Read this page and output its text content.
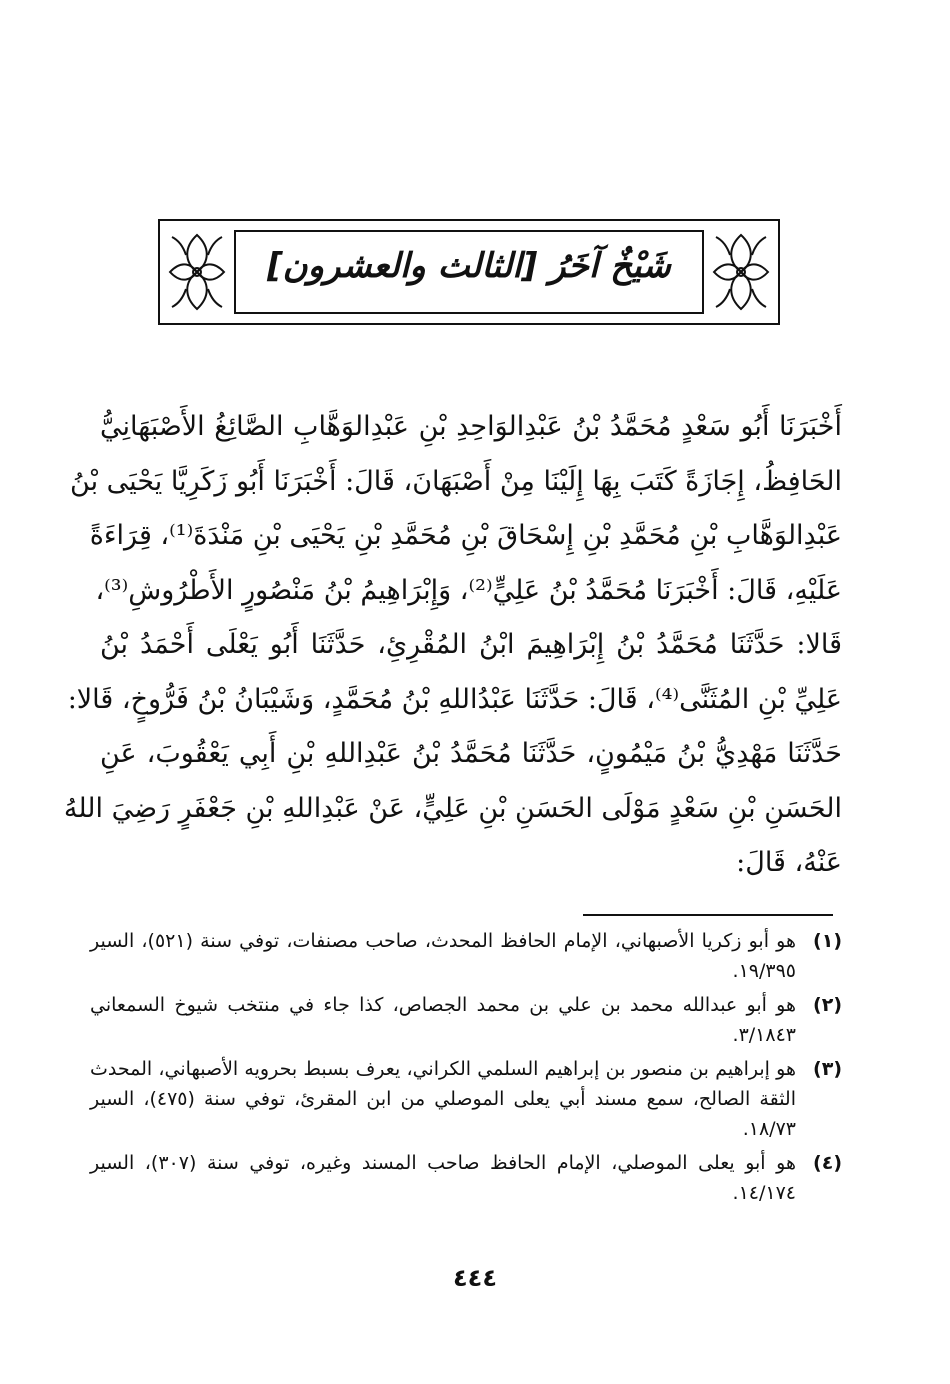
شَيْخٌ آخَرُ [الثالث والعشرون]
أَخْبَرَنَا أَبُو سَعْدٍ مُحَمَّدُ بْنُ عَبْدِالوَاحِدِ بْنِ عَبْدِالوَهَّابِ الصَّائِغُ الأَصْبَهَانِيُّ
الحَافِظُ، إِجَازَةً كَتَبَ بِهَا إِلَيْنَا مِنْ أَصْبَهَانَ، قَالَ: أَخْبَرَنَا أَبُو زَكَرِيَّا يَحْيَى بْنُ
عَبْدِالوَهَّابِ بْنِ مُحَمَّدِ بْنِ إِسْحَاقَ بْنِ مُحَمَّدِ بْنِ يَحْيَى بْنِ مَنْدَةَ⁽¹⁾، قِرَاءَةً
عَلَيْهِ، قَالَ: أَخْبَرَنَا مُحَمَّدُ بْنُ عَلِيٍّ⁽²⁾، وَإِبْرَاهِيمُ بْنُ مَنْصُورٍ الأَطْرُوشِ⁽³⁾،
قَالا: حَدَّثَنَا مُحَمَّدُ بْنُ إِبْرَاهِيمَ ابْنُ المُقْرِئِ، حَدَّثَنَا أَبُو يَعْلَى أَحْمَدُ بْنُ
عَلِيِّ بْنِ المُثَنَّى⁽⁴⁾، قَالَ: حَدَّثَنَا عَبْدُاللهِ بْنُ مُحَمَّدٍ، وَشَيْبَانُ بْنُ فَرُّوخٍ، قَالا:
حَدَّثَنَا مَهْدِيُّ بْنُ مَيْمُونٍ، حَدَّثَنَا مُحَمَّدُ بْنُ عَبْدِاللهِ بْنِ أَبِي يَعْقُوبَ، عَنِ
الحَسَنِ بْنِ سَعْدٍ مَوْلَى الحَسَنِ بْنِ عَلِيٍّ، عَنْ عَبْدِاللهِ بْنِ جَعْفَرٍ رَضِيَ اللهُ
عَنْهُ، قَالَ:
(١)
هو أبو زكريا الأصبهاني، الإمام الحافظ المحدث، صاحب مصنفات، توفي سنة (٥٢١)، السير ١٩/٣٩٥.
(٢)
هو أبو عبدالله محمد بن علي بن محمد الجصاص، كذا جاء في منتخب شيوخ السمعاني ٣/١٨٤٣.
(٣)
هو إبراهيم بن منصور بن إبراهيم السلمي الكراني، يعرف بسبط بحرويه الأصبهاني، المحدث الثقة الصالح، سمع مسند أبي يعلى الموصلي من ابن المقرئ، توفي سنة (٤٧٥)، السير ١٨/٧٣.
(٤)
هو أبو يعلى الموصلي، الإمام الحافظ صاحب المسند وغيره، توفي سنة (٣٠٧)، السير ١٤/١٧٤.
٤٤٤
